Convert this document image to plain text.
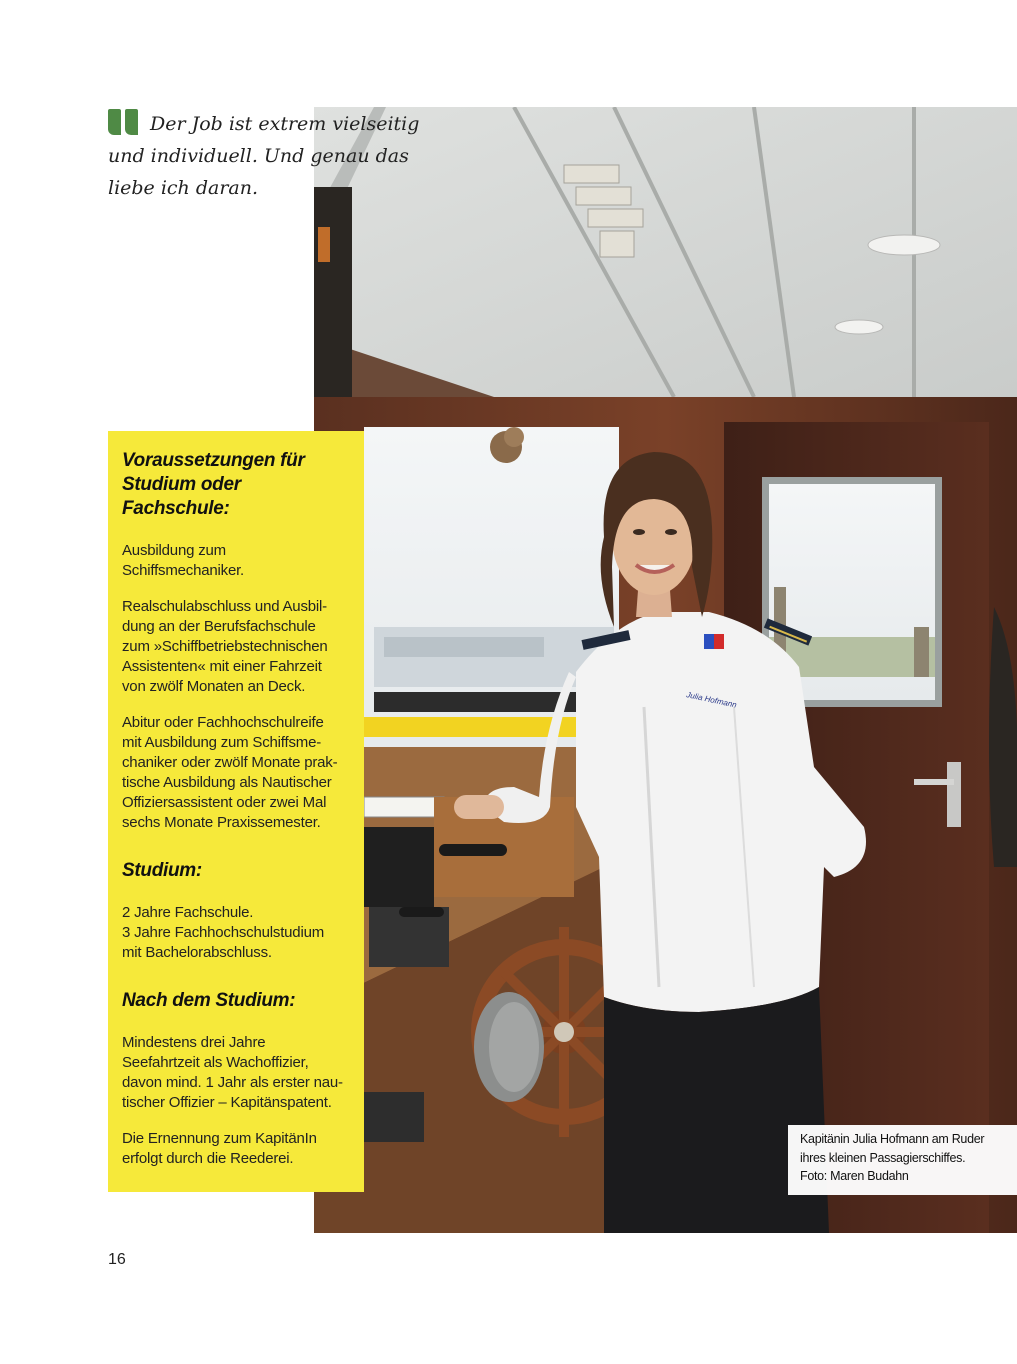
Julia Hofmann
Der Job ist extrem vielseitig
und individuell. Und genau das
liebe ich daran.
Voraussetzungen für
Studium oder Fachschule:

Ausbildung zum
Schiffsmechaniker.

Realschulabschluss und Ausbil-
dung an der Berufsfachschule
zum »Schiffbetriebstechnischen
Assistenten« mit einer Fahrzeit
von zwölf Monaten an Deck.

Abitur oder Fachhochschulreife
mit Ausbildung zum Schiffsme-
chaniker oder zwölf Monate prak-
tische Ausbildung als Nautischer
Offiziersassistent oder zwei Mal
sechs Monate Praxissemester.

Studium:

2 Jahre Fachschule.
3 Jahre Fachhochschulstudium
mit Bachelorabschluss.

Nach dem Studium:

Mindestens drei Jahre
Seefahrtzeit als Wachoffizier,
davon mind. 1 Jahr als erster nau-
tischer Offizier – Kapitänspatent.

Die Ernennung zum KapitänIn
erfolgt durch die Reederei.

Kapitänin Julia Hofmann am Ruder
ihres kleinen Passagierschiffes.
Foto: Maren Budahn
16
